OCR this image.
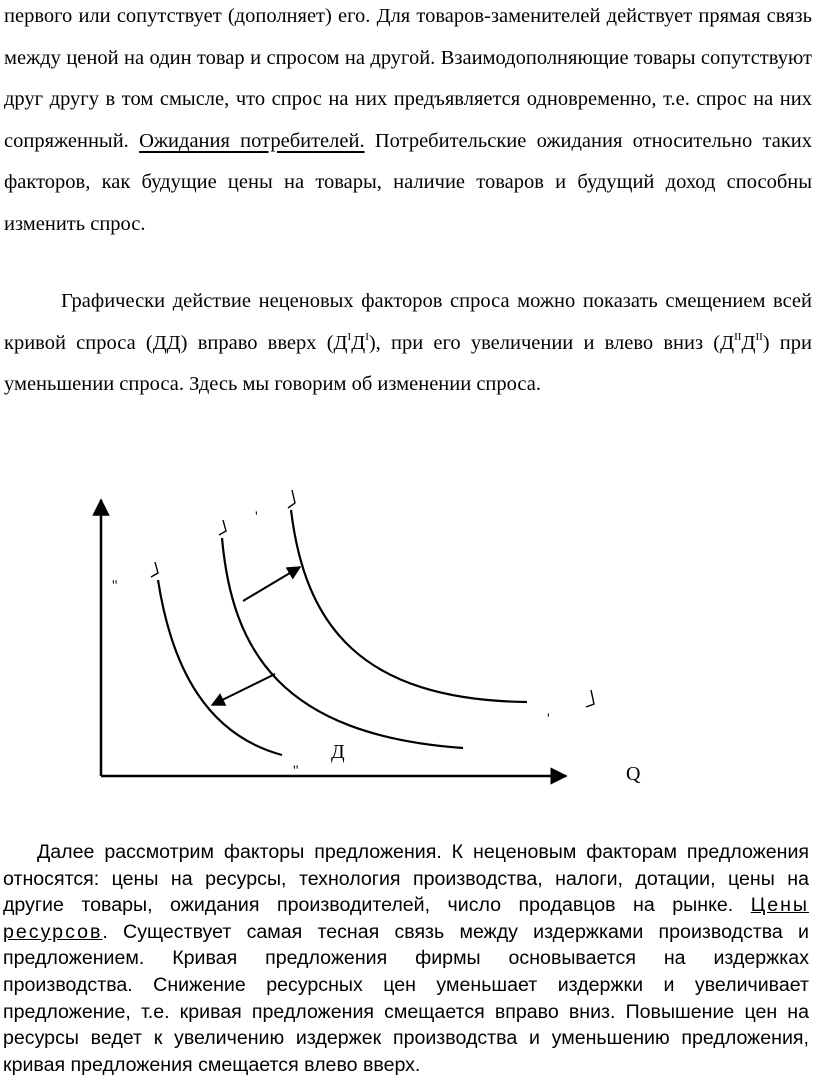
первого или сопутствует (дополняет) его. Для товаров-заменителей действует прямая связь между ценой на один товар и спросом на другой. Взаимодополняющие товары сопутствуют друг другу в том смысле, что спрос на них предъявляется одновременно, т.е. спрос на них сопряженный. Ожидания потребителей. Потребительские ожидания относительно таких факторов, как будущие цены на товары, наличие товаров и будущий доход способны изменить спрос.

Графически действие неценовых факторов спроса можно показать смещением всей кривой спроса (ДД) вправо вверх $(Д^IД^I)$, при его увеличении и влево вниз $(Д^{II}Д^{II})$ при уменьшении спроса. Здесь мы говорим об изменении спроса.

Q
Д
''
''
'
'

Далее рассмотрим факторы предложения. К неценовым факторам предложения относятся: цены на ресурсы, технология производства, налоги, дотации, цены на другие товары, ожидания производителей, число продавцов на рынке. Цены ресурсов. Существует самая тесная связь между издержками производства и предложением. Кривая предложения фирмы основывается на издержках производства. Снижение ресурсных цен уменьшает издержки и увеличивает предложение, т.е. кривая предложения смещается вправо вниз. Повышение цен на ресурсы ведет к увеличению издержек производства и уменьшению предложения, кривая предложения смещается влево вверх.
